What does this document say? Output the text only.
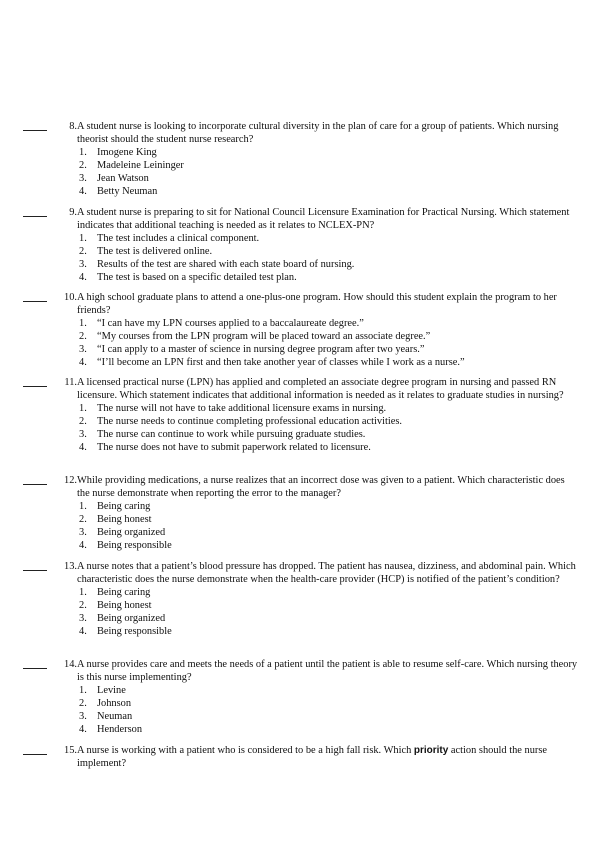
8. A student nurse is looking to incorporate cultural diversity in the plan of care for a group of patients. Which nursing theorist should the student nurse research?
1. Imogene King
2. Madeleine Leininger
3. Jean Watson
4. Betty Neuman
9. A student nurse is preparing to sit for National Council Licensure Examination for Practical Nursing. Which statement indicates that additional teaching is needed as it relates to NCLEX-PN?
1. The test includes a clinical component.
2. The test is delivered online.
3. Results of the test are shared with each state board of nursing.
4. The test is based on a specific detailed test plan.
10. A high school graduate plans to attend a one-plus-one program. How should this student explain the program to her friends?
1. “I can have my LPN courses applied to a baccalaureate degree.”
2. “My courses from the LPN program will be placed toward an associate degree.”
3. “I can apply to a master of science in nursing degree program after two years.”
4. “I’ll become an LPN first and then take another year of classes while I work as a nurse.”
11. A licensed practical nurse (LPN) has applied and completed an associate degree program in nursing and passed RN licensure. Which statement indicates that additional information is needed as it relates to graduate studies in nursing?
1. The nurse will not have to take additional licensure exams in nursing.
2. The nurse needs to continue completing professional education activities.
3. The nurse can continue to work while pursuing graduate studies.
4. The nurse does not have to submit paperwork related to licensure.
12. While providing medications, a nurse realizes that an incorrect dose was given to a patient. Which characteristic does the nurse demonstrate when reporting the error to the manager?
1. Being caring
2. Being honest
3. Being organized
4. Being responsible
13. A nurse notes that a patient’s blood pressure has dropped. The patient has nausea, dizziness, and abdominal pain. Which characteristic does the nurse demonstrate when the health-care provider (HCP) is notified of the patient’s condition?
1. Being caring
2. Being honest
3. Being organized
4. Being responsible
14. A nurse provides care and meets the needs of a patient until the patient is able to resume self-care. Which nursing theory is this nurse implementing?
1. Levine
2. Johnson
3. Neuman
4. Henderson
15. A nurse is working with a patient who is considered to be a high fall risk. Which priority action should the nurse implement?
